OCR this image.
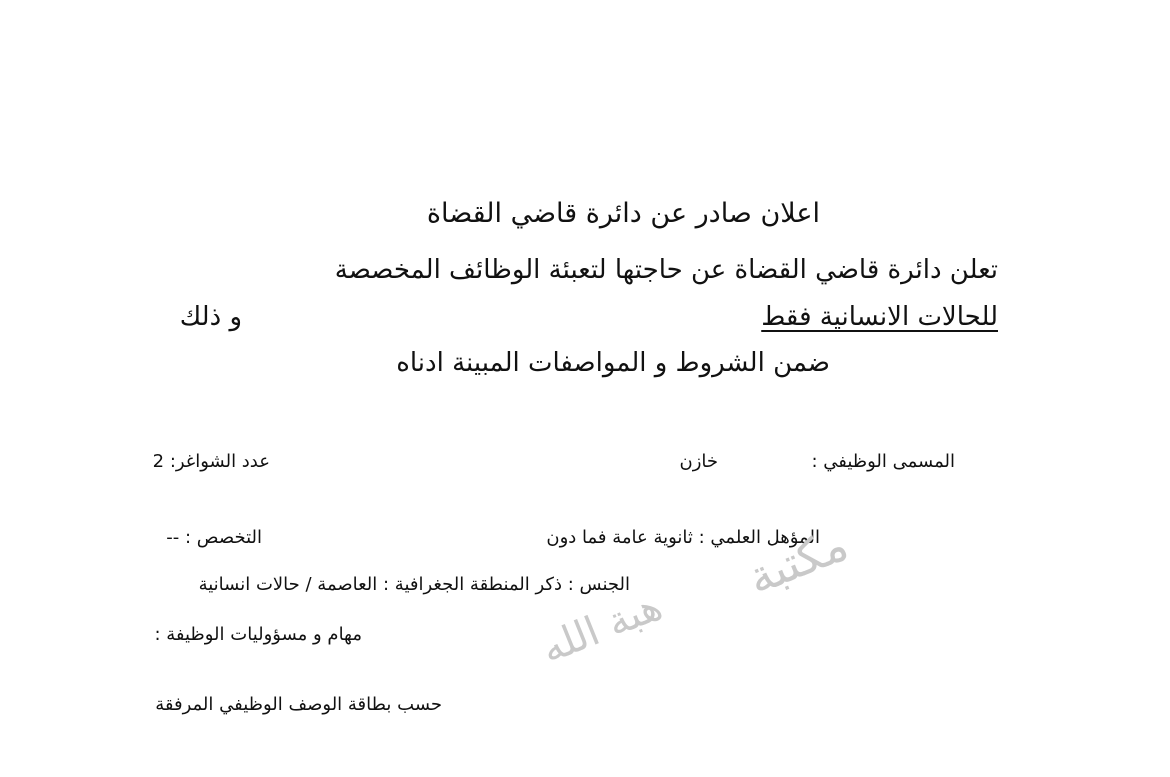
اعلان صادر عن دائرة قاضي القضاة
تعلن دائرة قاضي القضاة عن حاجتها لتعبئة الوظائف المخصصة
للحالات الانسانية فقط
و ذلك
ضمن الشروط و المواصفات المبينة ادناه
المسمى الوظيفي :
خازن
عدد الشواغر: 2
المؤهل العلمي : ثانوية عامة فما دون
التخصص : --
الجنس : ذكر المنطقة الجغرافية : العاصمة / حالات انسانية
مهام و مسؤوليات الوظيفة :
حسب بطاقة الوصف الوظيفي المرفقة
مكتبة
هبة الله
